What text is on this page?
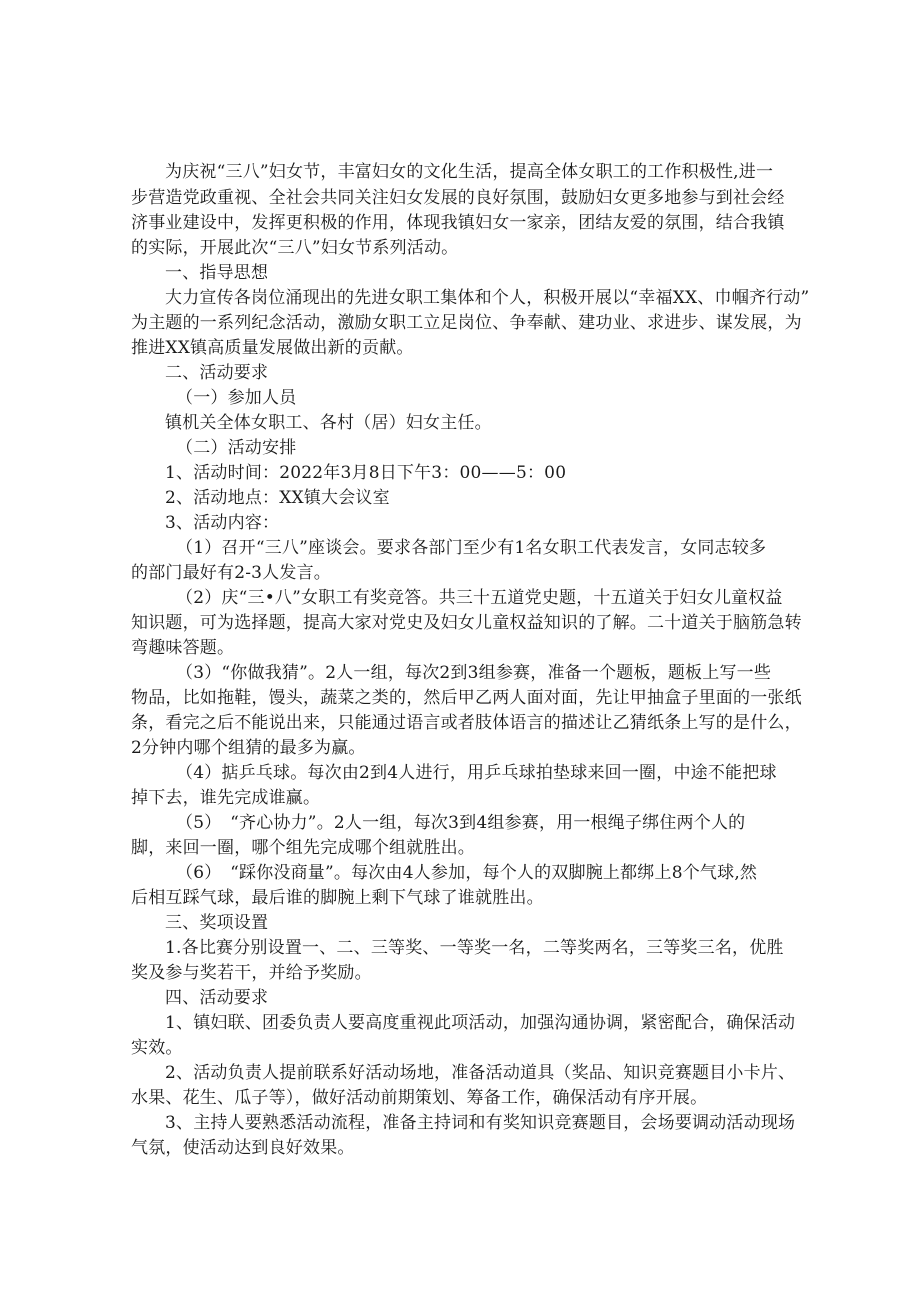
为庆祝“三八”妇女节，丰富妇女的文化生活，提高全体女职工的工作积极性,进一
步营造党政重视、全社会共同关注妇女发展的良好氛围，鼓励妇女更多地参与到社会经
济事业建设中，发挥更积极的作用，体现我镇妇女一家亲，团结友爱的氛围，结合我镇
的实际，开展此次“三八”妇女节系列活动。
一、指导思想
大力宣传各岗位涌现出的先进女职工集体和个人，积极开展以“幸福XX、巾帼齐行动”
为主题的一系列纪念活动，激励女职工立足岗位、争奉献、建功业、求进步、谋发展，为
推进XX镇高质量发展做出新的贡献。
二、活动要求
（一）参加人员
镇机关全体女职工、各村（居）妇女主任。
（二）活动安排
1、活动时间：2022年3月8日下午3：00——5：00
2、活动地点：XX镇大会议室
3、活动内容：
（1）召开“三八”座谈会。要求各部门至少有1名女职工代表发言，女同志较多
的部门最好有2-3人发言。
（2）庆“三•八”女职工有奖竞答。共三十五道党史题，十五道关于妇女儿童权益
知识题，可为选择题，提高大家对党史及妇女儿童权益知识的了解。二十道关于脑筋急转
弯趣味答题。
（3）“你做我猜”。2人一组，每次2到3组参赛，准备一个题板，题板上写一些
物品，比如拖鞋，馒头，蔬菜之类的，然后甲乙两人面对面，先让甲抽盒子里面的一张纸
条，看完之后不能说出来，只能通过语言或者肢体语言的描述让乙猜纸条上写的是什么，
2分钟内哪个组猜的最多为赢。
（4）掂乒乓球。每次由2到4人进行，用乒乓球拍垫球来回一圈，中途不能把球
掉下去，谁先完成谁赢。
（5）　“齐心协力”。2人一组，每次3到4组参赛，用一根绳子绑住两个人的
脚，来回一圈，哪个组先完成哪个组就胜出。
（6）　“踩你没商量”。每次由4人参加，每个人的双脚腕上都绑上8个气球,然
后相互踩气球，最后谁的脚腕上剩下气球了谁就胜出。
三、奖项设置
1.各比赛分别设置一、二、三等奖、一等奖一名，二等奖两名，三等奖三名，优胜
奖及参与奖若干，并给予奖励。
四、活动要求
1、镇妇联、团委负责人要高度重视此项活动，加强沟通协调，紧密配合，确保活动
实效。
2、活动负责人提前联系好活动场地，准备活动道具（奖品、知识竞赛题目小卡片、
水果、花生、瓜子等），做好活动前期策划、筹备工作，确保活动有序开展。
3、主持人要熟悉活动流程，准备主持词和有奖知识竞赛题目，会场要调动活动现场
气氛，使活动达到良好效果。
